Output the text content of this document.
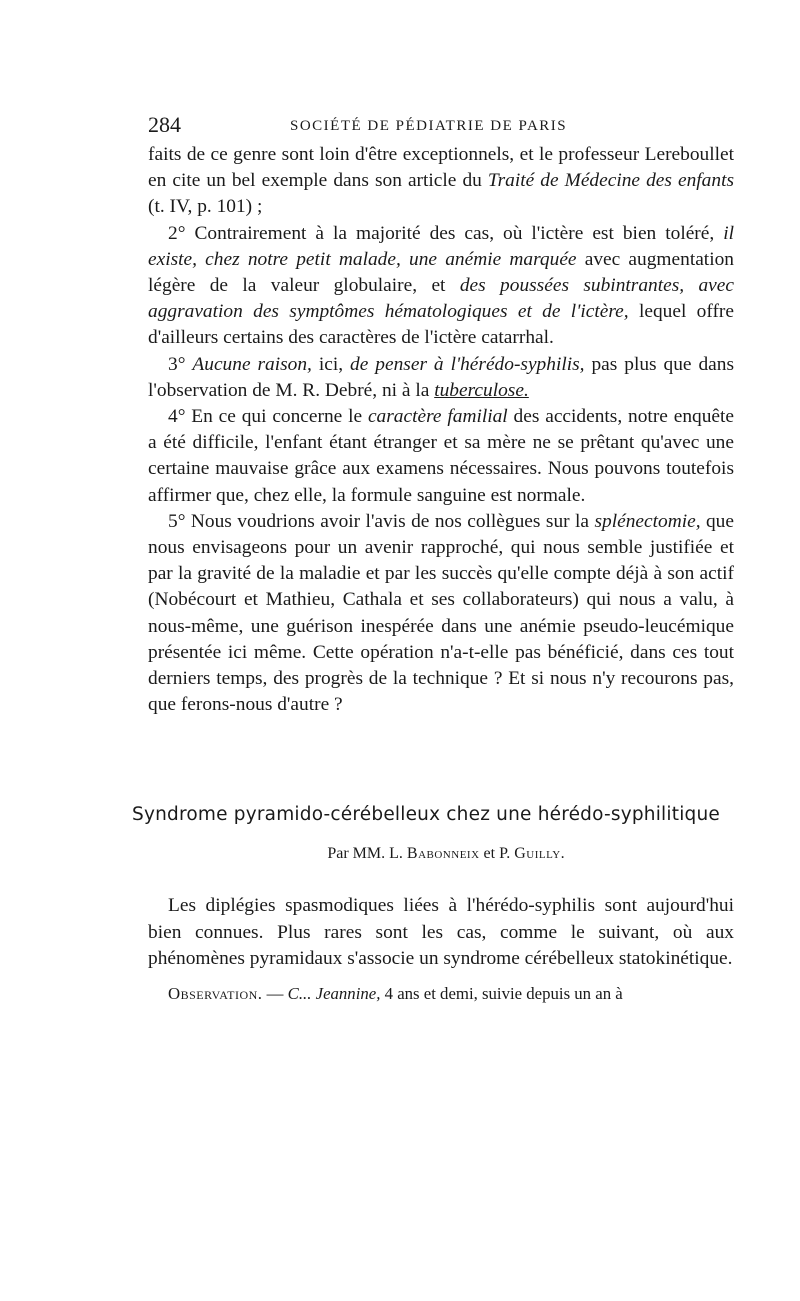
284	SOCIÉTÉ DE PÉDIATRIE DE PARIS

faits de ce genre sont loin d'être exceptionnels, et le professeur Lereboullet en cite un bel exemple dans son article du Traité de Médecine des enfants (t. IV, p. 101) ;

2° Contrairement à la majorité des cas, où l'ictère est bien toléré, il existe, chez notre petit malade, une anémie marquée avec augmentation légère de la valeur globulaire, et des poussées subintrantes, avec aggravation des symptômes hématologiques et de l'ictère, lequel offre d'ailleurs certains des caractères de l'ictère catarrhal.

3° Aucune raison, ici, de penser à l'hérédo-syphilis, pas plus que dans l'observation de M. R. Debré, ni à la tuberculose.

4° En ce qui concerne le caractère familial des accidents, notre enquête a été difficile, l'enfant étant étranger et sa mère ne se prêtant qu'avec une certaine mauvaise grâce aux examens nécessaires. Nous pouvons toutefois affirmer que, chez elle, la formule sanguine est normale.

5° Nous voudrions avoir l'avis de nos collègues sur la splénectomie, que nous envisageons pour un avenir rapproché, qui nous semble justifiée et par la gravité de la maladie et par les succès qu'elle compte déjà à son actif (Nobécourt et Mathieu, Cathala et ses collaborateurs) qui nous a valu, à nous-même, une guérison inespérée dans une anémie pseudo-leucémique présentée ici même. Cette opération n'a-t-elle pas bénéficié, dans ces tout derniers temps, des progrès de la technique ? Et si nous n'y recourons pas, que ferons-nous d'autre ?

Syndrome pyramido-cérébelleux chez une hérédo-syphilitique
Par MM. L. Babonneix et P. Guilly.

Les diplégies spasmodiques liées à l'hérédo-syphilis sont aujourd'hui bien connues. Plus rares sont les cas, comme le suivant, où aux phénomènes pyramidaux s'associe un syndrome cérébelleux statokinétique.

Observation. — C... Jeannine, 4 ans et demi, suivie depuis un an à
